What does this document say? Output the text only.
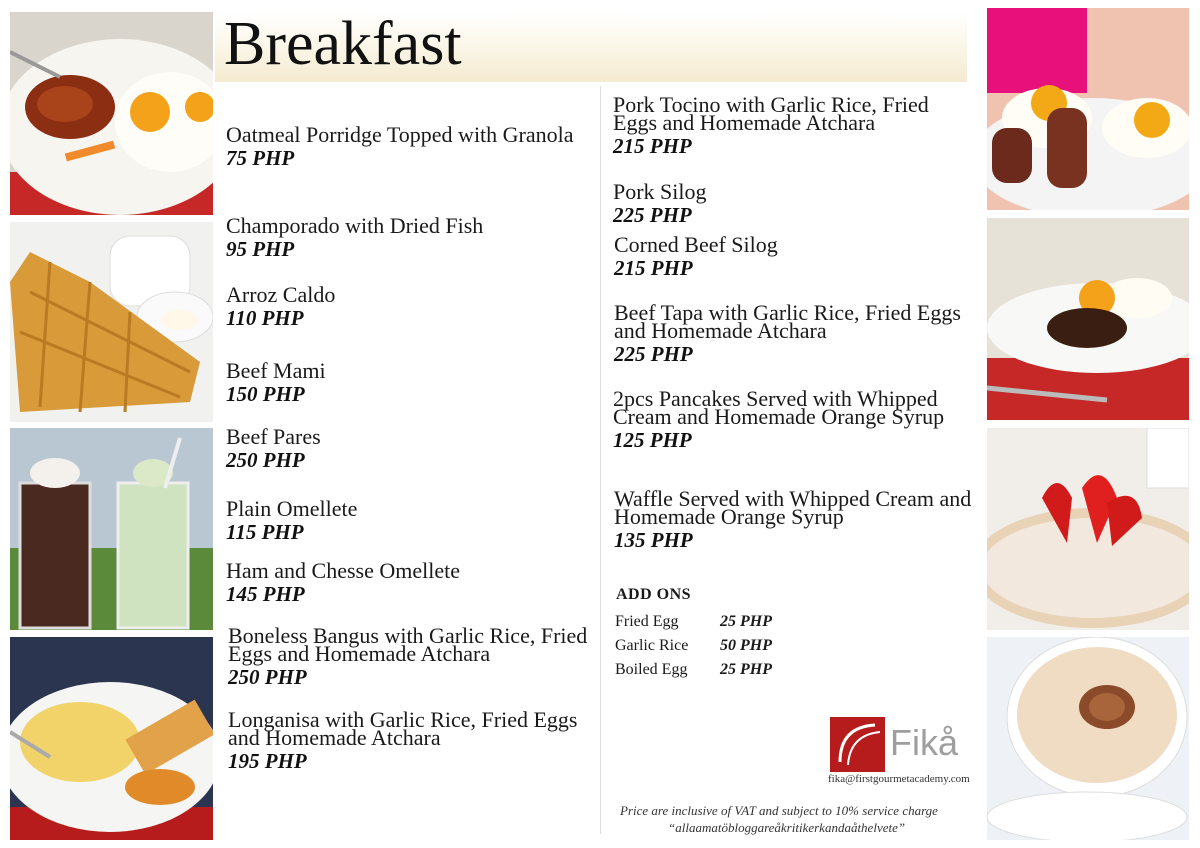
Breakfast
Oatmeal Porridge Topped with Granola
75 PHP
Champorado with Dried Fish
95 PHP
Arroz Caldo
110 PHP
Beef Mami
150 PHP
Beef Pares
250 PHP
Plain Omellete
115 PHP
Ham and Chesse Omellete
145 PHP
Boneless Bangus with Garlic Rice, Fried Eggs and Homemade Atchara
250 PHP
Longanisa with Garlic Rice, Fried Eggs and Homemade Atchara
195 PHP
Pork Tocino with Garlic Rice, Fried Eggs and Homemade Atchara
215 PHP
Pork Silog
225 PHP
Corned Beef Silog
215 PHP
Beef Tapa with Garlic Rice, Fried Eggs and Homemade Atchara
225 PHP
2pcs Pancakes Served with Whipped Cream and Homemade Orange Syrup
125 PHP
Waffle Served with Whipped Cream and Homemade Orange Syrup
135 PHP
ADD ONS
Fried Egg	25 PHP
Garlic Rice	50 PHP
Boiled Egg	25 PHP
Fikå
fika@firstgourmetacademy.com
Price are inclusive of VAT and subject to 10% service charge
“allaamatöbloggareåkritikerkandaåthelvete”
